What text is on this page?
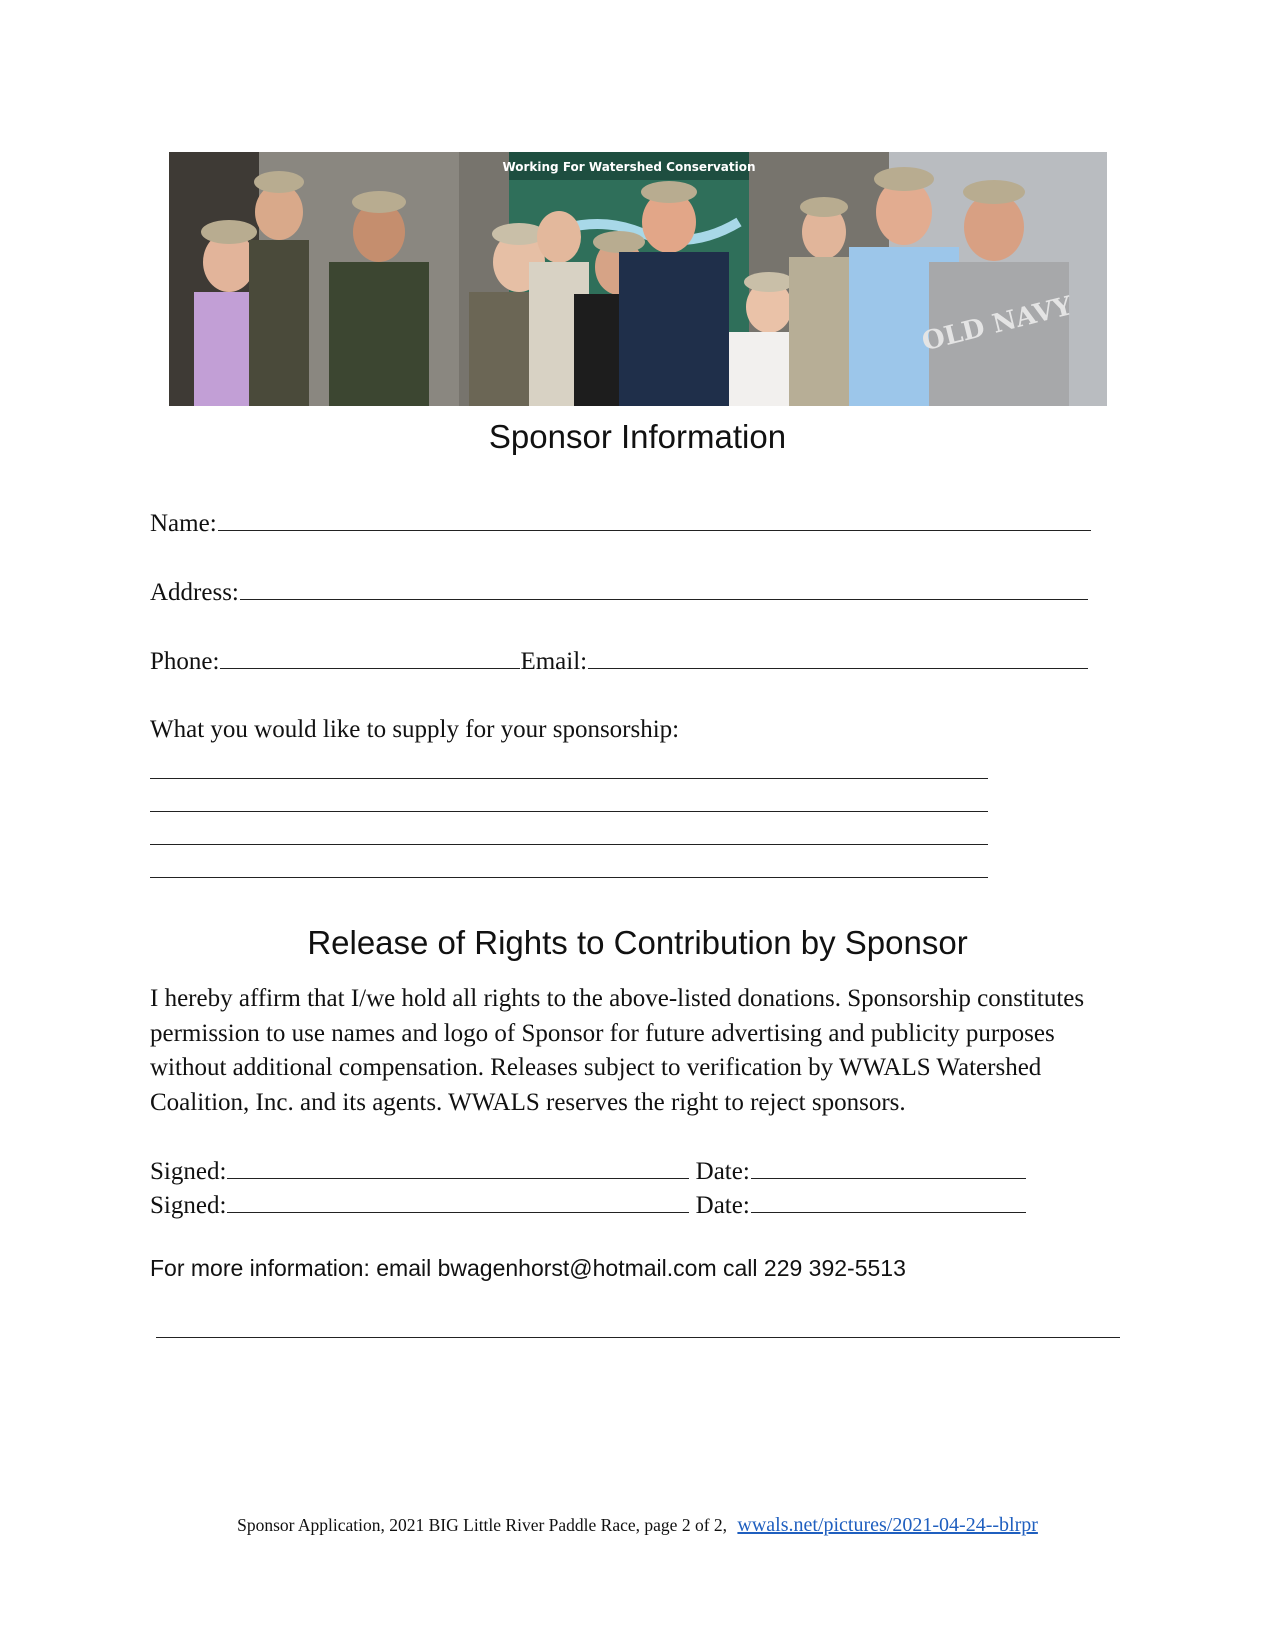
Working For Watershed Conservation
OLD NAVY
Sponsor Information
Name:
Address:
Phone:	Email:
What you would like to supply for your sponsorship:
Release of Rights to Contribution by Sponsor

I hereby affirm that I/we hold all rights to the above-listed donations. Sponsorship constitutes permission to use names and logo of Sponsor for future advertising and publicity purposes without additional compensation. Releases subject to verification by WWALS Watershed Coalition, Inc. and its agents. WWALS reserves the right to reject sponsors.

Signed:	Date:
Signed:	Date:
For more information: email bwagenhorst@hotmail.com call 229 392-5513
Sponsor Application, 2021 BIG Little River Paddle Race, page 2 of 2, wwals.net/pictures/2021-04-24--blrpr
